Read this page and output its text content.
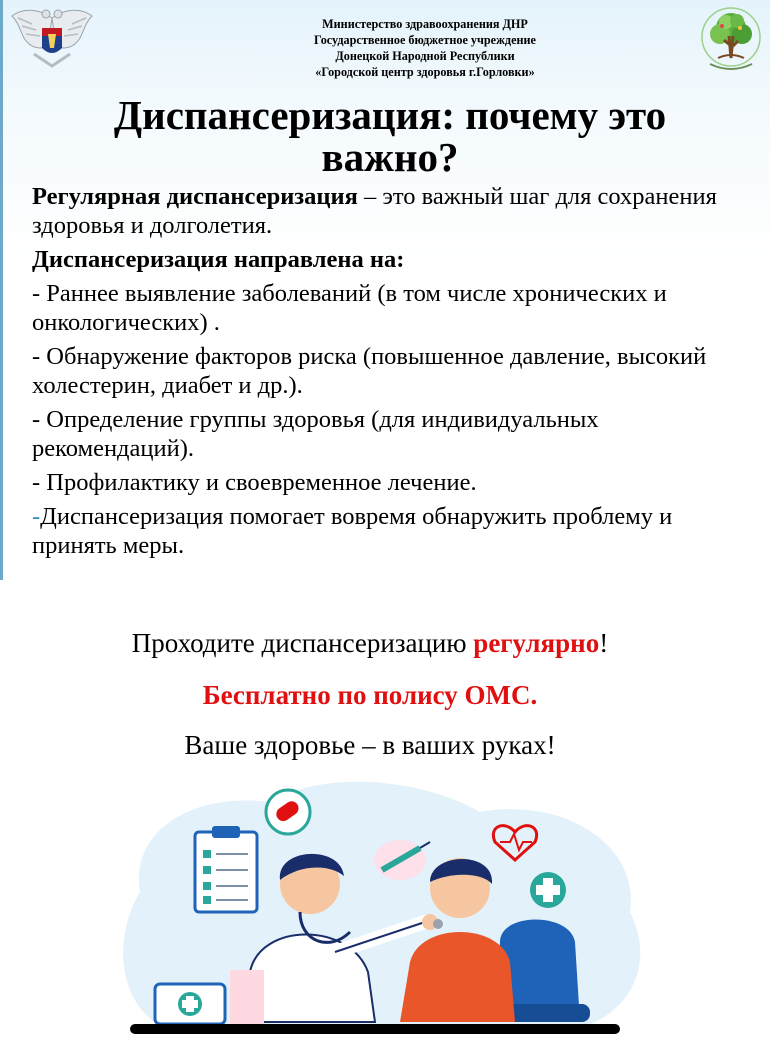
Министерство здравоохранения ДНР
Государственное бюджетное учреждение
Донецкой Народной Республики
«Городской центр здоровья г.Горловки»
Диспансеризация: почему это
важно?

Регулярная диспансеризация – это важный шаг для сохранения здоровья и долголетия.

Диспансеризация направлена на:

- Раннее выявление заболеваний (в том числе хронических и онкологических) .

- Обнаружение факторов риска (повышенное давление, высокий холестерин, диабет и др.).

- Определение группы здоровья (для индивидуальных рекомендаций).

- Профилактику и своевременное лечение.

-Диспансеризация помогает вовремя обнаружить проблему и принять меры.

Проходите диспансеризацию регулярно!
Бесплатно по полису ОМС.
Ваше здоровье – в ваших руках!
